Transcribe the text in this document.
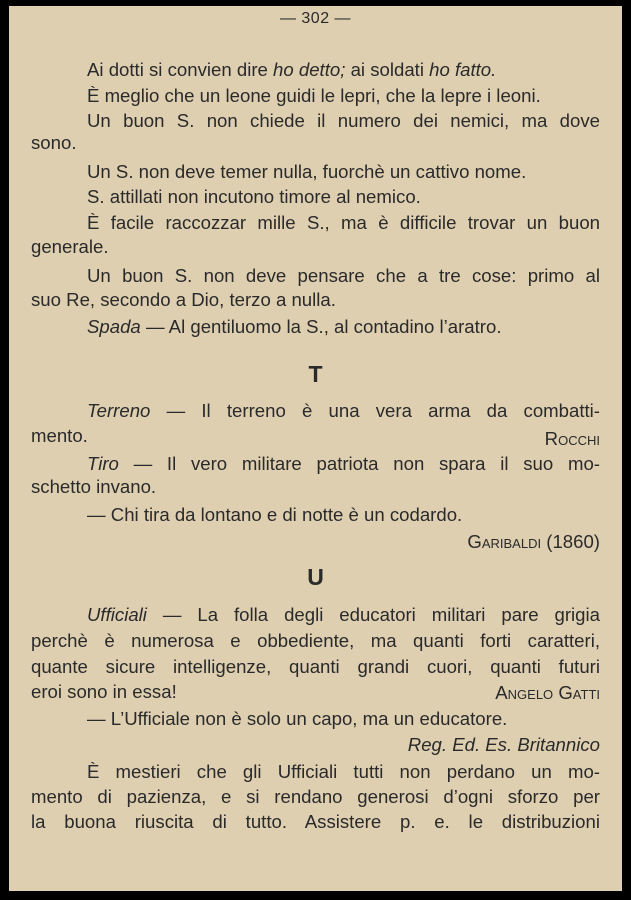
— 302 —
Ai dotti si convien dire ho detto; ai soldati ho fatto.
È meglio che un leone guidi le lepri, che la lepre i leoni.
Un buon S. non chiede il numero dei nemici, ma dove
sono.
Un S. non deve temer nulla, fuorchè un cattivo nome.
S. attillati non incutono timore al nemico.
È facile raccozzar mille S., ma è difficile trovar un buon
generale.
Un buon S. non deve pensare che a tre cose: primo al
suo Re, secondo a Dio, terzo a nulla.
Spada — Al gentiluomo la S., al contadino l’aratro.
T
Terreno — Il terreno è una vera arma da combatti-
mento.	Rocchi
Tiro — Il vero militare patriota non spara il suo mo-
schetto invano.
— Chi tira da lontano e di notte è un codardo.
Garibaldi (1860)
U
Ufficiali — La folla degli educatori militari pare grigia
perchè è numerosa e obbediente, ma quanti forti caratteri,
quante sicure intelligenze, quanti grandi cuori, quanti futuri
eroi sono in essa!	Angelo Gatti
— L’Ufficiale non è solo un capo, ma un educatore.
Reg. Ed. Es. Britannico
È mestieri che gli Ufficiali tutti non perdano un mo-
mento di pazienza, e si rendano generosi d’ogni sforzo per
la buona riuscita di tutto. Assistere p. e. le distribuzioni
